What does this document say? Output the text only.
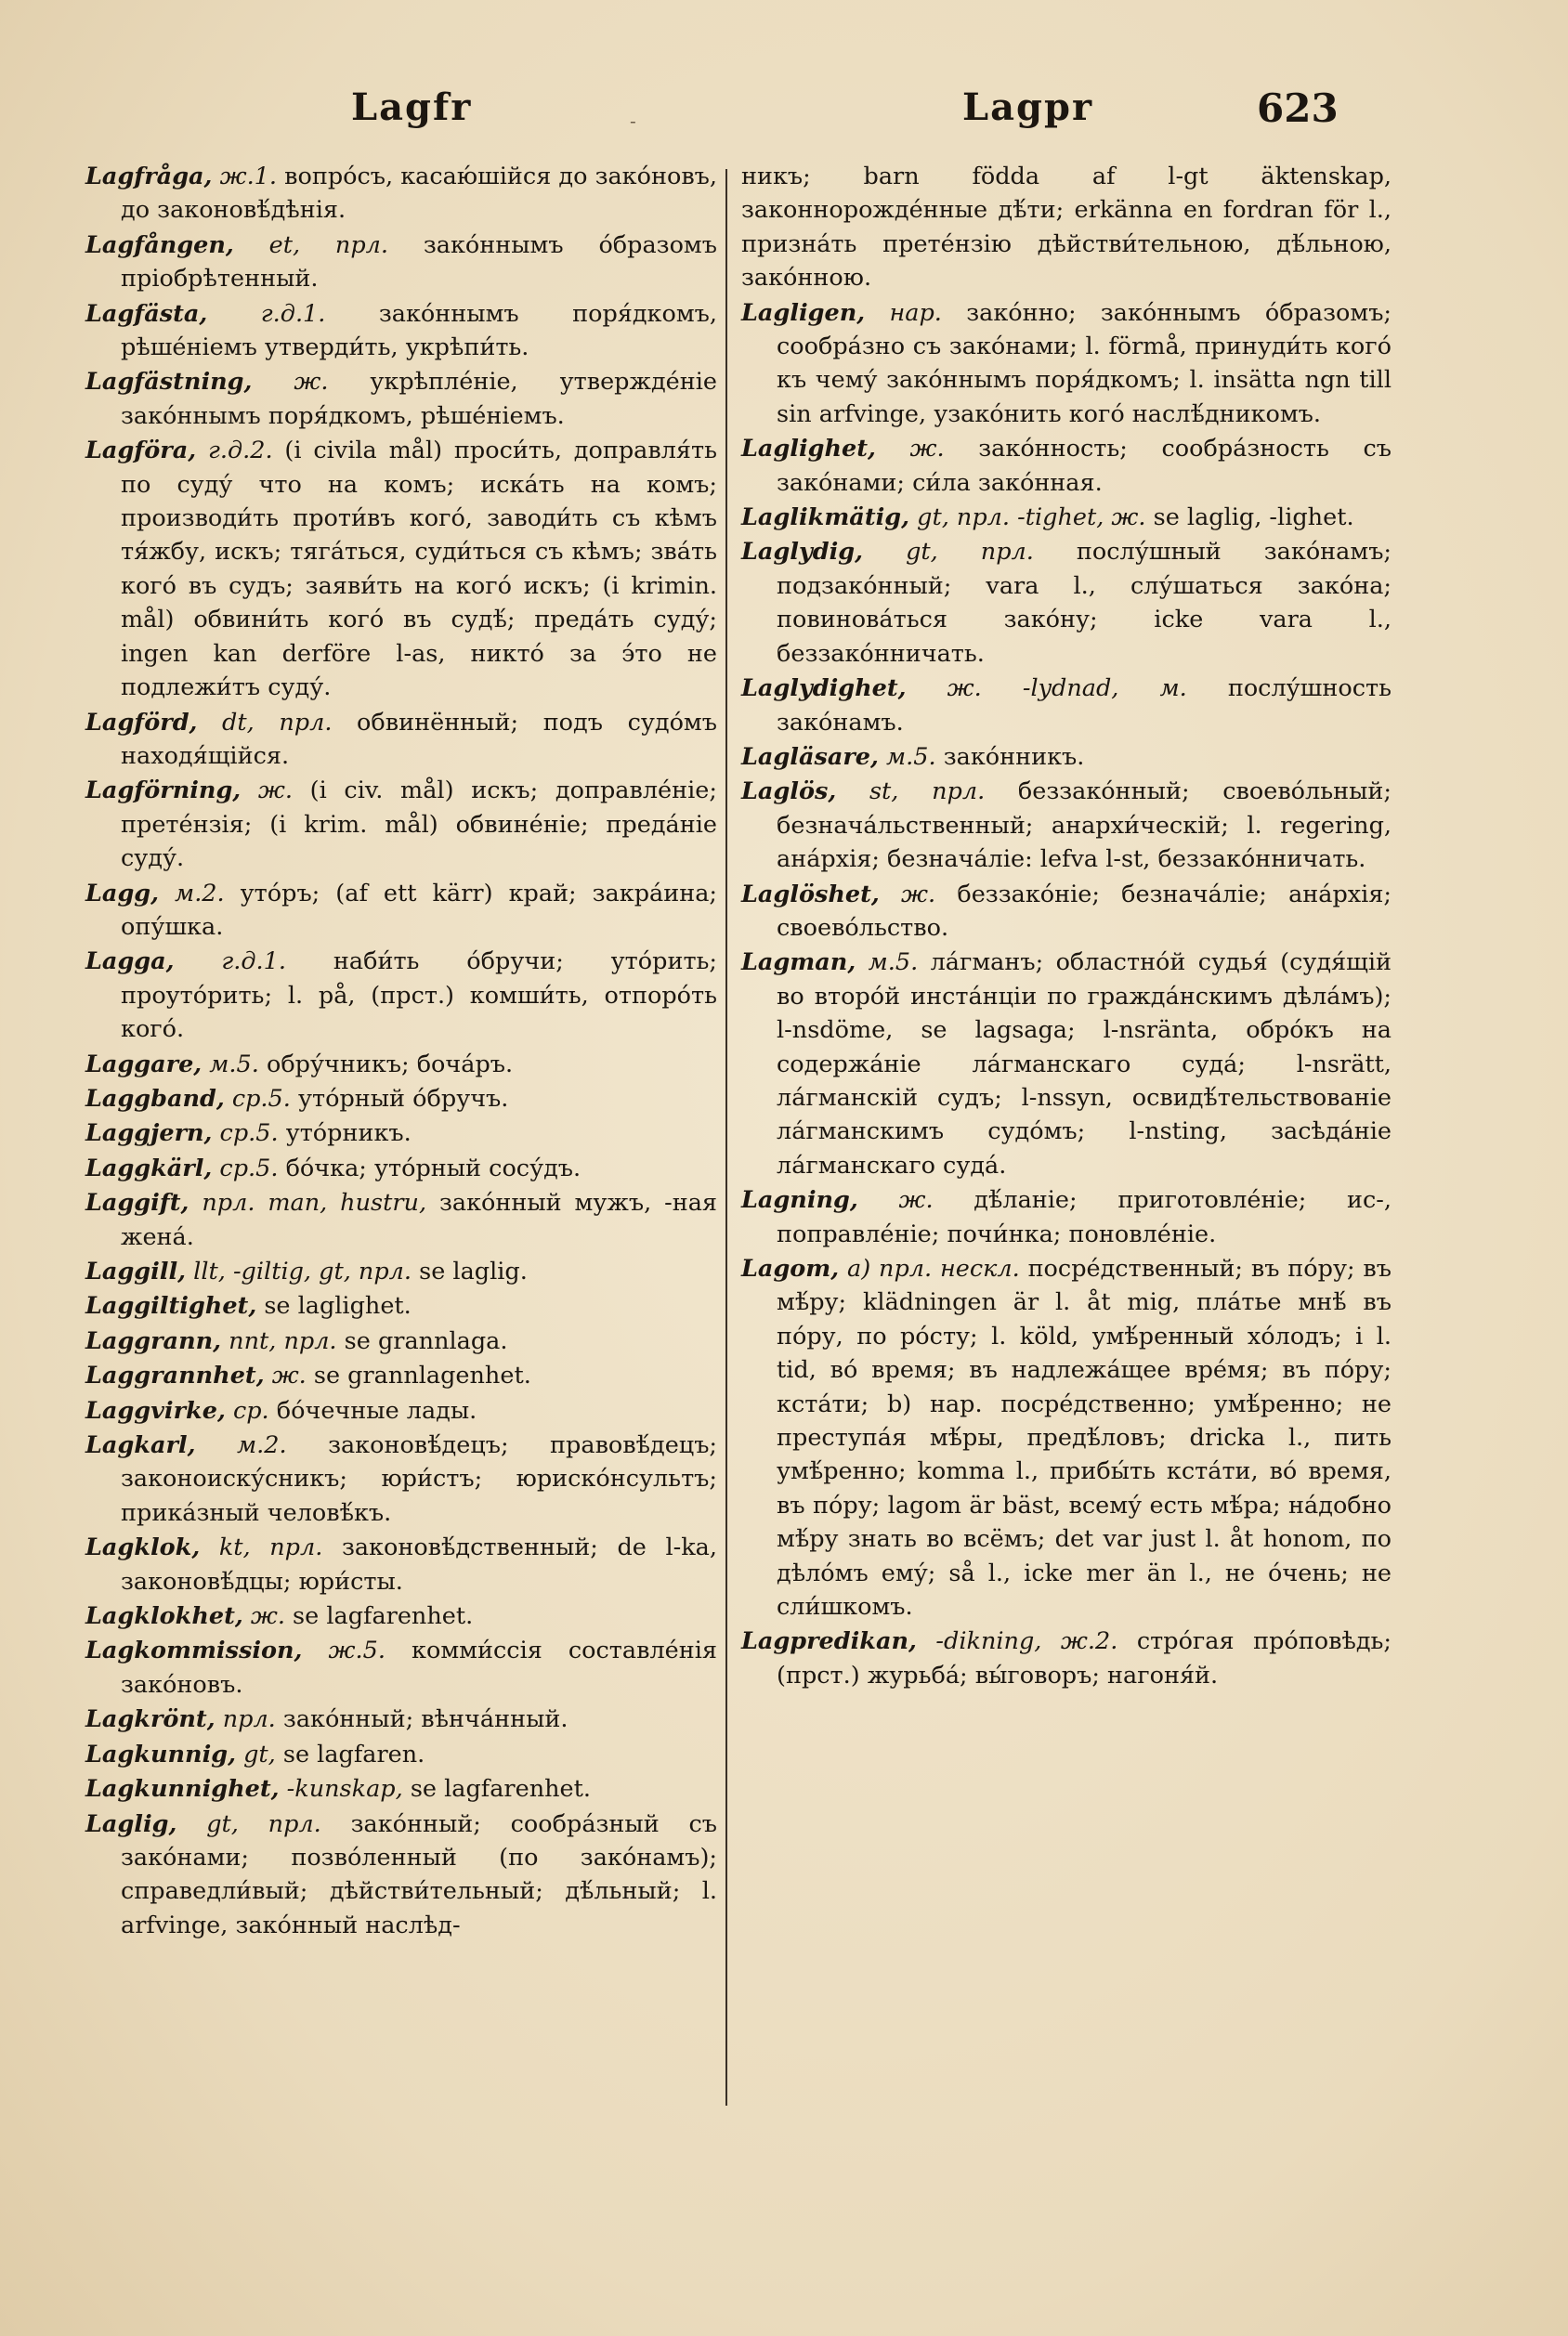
Lagfr	-	Lagpr	623
Lagfråga, ж.1. вопро́съ, касаю́шійся до зако́новъ, до законовѣ́дѣнія.
Lagfången, et, прл. зако́ннымъ о́бразомъ пріобрѣтенный.
Lagfästa, г.д.1. зако́ннымъ поря́дкомъ, рѣше́ніемъ утверди́ть, укрѣпи́ть.
Lagfästning, ж. укрѣпле́ніе, утвержде́ніе зако́ннымъ поря́дкомъ, рѣше́ніемъ.
Lagföra, г.д.2. (i civila mål) проси́ть, доправля́ть по суду́ что на комъ; иска́ть на комъ; производи́ть проти́въ кого́, заводи́ть съ кѣмъ тя́жбу, искъ; тяга́ться, суди́ться съ кѣмъ; зва́ть кого́ въ судъ; заяви́ть на кого́ искъ; (i krimin. mål) обвини́ть кого́ въ судѣ́; преда́ть суду́; ingen kan derföre l-as, никто́ за э́то не подлежи́тъ суду́.
Lagförd, dt, прл. обвинённый; подъ судо́мъ находя́щійся.
Lagförning, ж. (i civ. mål) искъ; доправле́ніе; прете́нзія; (i krim. mål) обвине́ніе; преда́ніе суду́.
Lagg, м.2. уто́ръ; (af ett kärr) край; закра́ина; опу́шка.
Lagga, г.д.1. наби́ть о́бручи; уто́рить; проуто́рить; l. på, (прст.) комши́ть, отпоро́ть кого́.
Laggare, м.5. обру́чникъ; боча́ръ.
Laggband, ср.5. уто́рный о́бручъ.
Laggjern, ср.5. уто́рникъ.
Laggkärl, ср.5. бо́чка; уто́рный сосу́дъ.
Laggift, прл. man, hustru, зако́нный мужъ, -ная жена́.
Laggill, llt, -giltig, gt, прл. se laglig.
Laggiltighet, se laglighet.
Laggrann, nnt, прл. se grannlaga.
Laggrannhet, ж. se grannlagenhet.
Laggvirke, ср. бо́чечные лады.
Lagkarl, м.2. законовѣ́децъ; правовѣ́децъ; законоиску́сникъ; юри́стъ; юриско́нсультъ; прика́зный человѣ́къ.
Lagklok, kt, прл. законовѣ́дственный; de l-ka, законовѣ́дцы; юри́сты.
Lagklokhet, ж. se lagfarenhet.
Lagkommission, ж.5. комми́ссія составле́нія зако́новъ.
Lagkrönt, прл. зако́нный; вѣнча́нный.
Lagkunnig, gt, se lagfaren.
Lagkunnighet, -kunskap, se lagfarenhet.
Laglig, gt, прл. зако́нный; сообра́зный съ зако́нами; позво́ленный (по зако́намъ); справедли́вый; дѣйстви́тельный; дѣ́льный; l. arfvinge, зако́нный наслѣд-
никъ; barn födda af l-gt äktenskap, законнорожде́нные дѣ́ти; erkänna en fordran för l., призна́ть прете́нзію дѣйстви́тельною, дѣ́льною, зако́нною.
Lagligen, нар. зако́нно; зако́ннымъ о́бразомъ; сообра́зно съ зако́нами; l. förmå, принуди́ть кого́ къ чему́ зако́ннымъ поря́дкомъ; l. insätta ngn till sin arfvinge, узако́нить кого́ наслѣ́дникомъ.
Laglighet, ж. зако́нность; сообра́зность съ зако́нами; си́ла зако́нная.
Laglikmätig, gt, прл. -tighet, ж. se laglig, -lighet.
Laglydig, gt, прл. послу́шный зако́намъ; подзако́нный; vara l., слу́шаться зако́на; повинова́ться зако́ну; icke vara l., беззако́нничать.
Laglydighet, ж. -lydnad, м. послу́шность зако́намъ.
Lagläsare, м.5. зако́нникъ.
Laglös, st, прл. беззако́нный; своево́льный; безнача́льственный; анархи́ческій; l. regering, ана́рхія; безнача́ліе: lefva l-st, беззако́нничать.
Laglöshet, ж. беззако́ніе; безнача́ліе; ана́рхія; своево́льство.
Lagman, м.5. ла́гманъ; областно́й судья́ (судя́щій во второ́й инста́нціи по гражда́нскимъ дѣла́мъ); l-nsdöme, se lagsaga; l-nsränta, обро́къ на содержа́ніе ла́гманскаго суда́; l-nsrätt, ла́гманскій судъ; l-nssyn, освидѣ́тельствованіе ла́гманскимъ судо́мъ; l-nsting, засѣда́ніе ла́гманскаго суда́.
Lagning, ж. дѣ́ланіе; приготовле́ніе; ис-, поправле́ніе; почи́нка; поновле́ніе.
Lagom, a) прл. нескл. посре́дственный; въ по́ру; въ мѣ́ру; klädningen är l. åt mig, пла́тье мнѣ́ въ по́ру, по ро́сту; l. köld, умѣ́ренный хо́лодъ; i l. tid, во́ время; въ надлежа́щее вре́мя; въ по́ру; кста́ти; b) нар. посре́дственно; умѣ́ренно; не преступа́я мѣ́ры, предѣ́ловъ; dricka l., пить умѣ́ренно; komma l., прибы́ть кста́ти, во́ время, въ по́ру; lagom är bäst, всему́ есть мѣ́ра; на́добно мѣ́ру знать во всёмъ; det var just l. åt honom, по дѣло́мъ ему́; så l., icke mer än l., не о́чень; не сли́шкомъ.
Lagpredikan, -dikning, ж.2. стро́гая про́повѣдь; (прст.) журьба́; вы́говоръ; нагоня́й.
